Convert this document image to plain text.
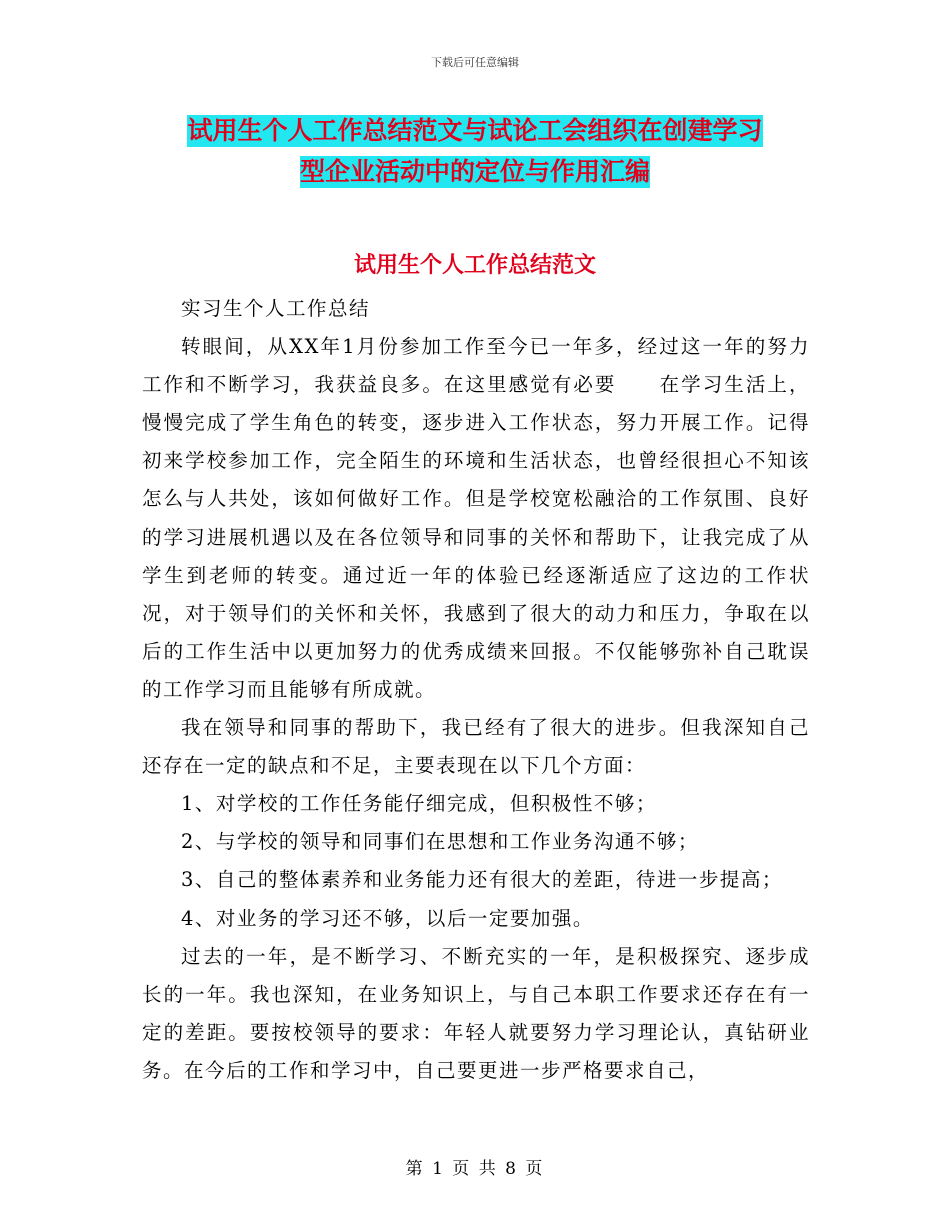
下载后可任意编辑
试用生个人工作总结范文与试论工会组织在创建学习
型企业活动中的定位与作用汇编
试用生个人工作总结范文

实习生个人工作总结

转眼间，从XX年1月份参加工作至今已一年多，经过这一年的努力工作和不断学习，我获益良多。在这里感觉有必要　　在学习生活上，慢慢完成了学生角色的转变，逐步进入工作状态，努力开展工作。记得初来学校参加工作，完全陌生的环境和生活状态，也曾经很担心不知该怎么与人共处，该如何做好工作。但是学校宽松融洽的工作氛围、良好的学习进展机遇以及在各位领导和同事的关怀和帮助下，让我完成了从学生到老师的转变。通过近一年的体验已经逐渐适应了这边的工作状况，对于领导们的关怀和关怀，我感到了很大的动力和压力，争取在以后的工作生活中以更加努力的优秀成绩来回报。不仅能够弥补自己耽误的工作学习而且能够有所成就。

我在领导和同事的帮助下，我已经有了很大的进步。但我深知自己还存在一定的缺点和不足，主要表现在以下几个方面：

1、对学校的工作任务能仔细完成，但积极性不够；

2、与学校的领导和同事们在思想和工作业务沟通不够；

3、自己的整体素养和业务能力还有很大的差距，待进一步提高；

4、对业务的学习还不够，以后一定要加强。

过去的一年，是不断学习、不断充实的一年，是积极探究、逐步成长的一年。我也深知，在业务知识上，与自己本职工作要求还存在有一定的差距。要按校领导的要求：年轻人就要努力学习理论认，真钻研业务。在今后的工作和学习中，自己要更进一步严格要求自己，

第 1 页 共 8 页
